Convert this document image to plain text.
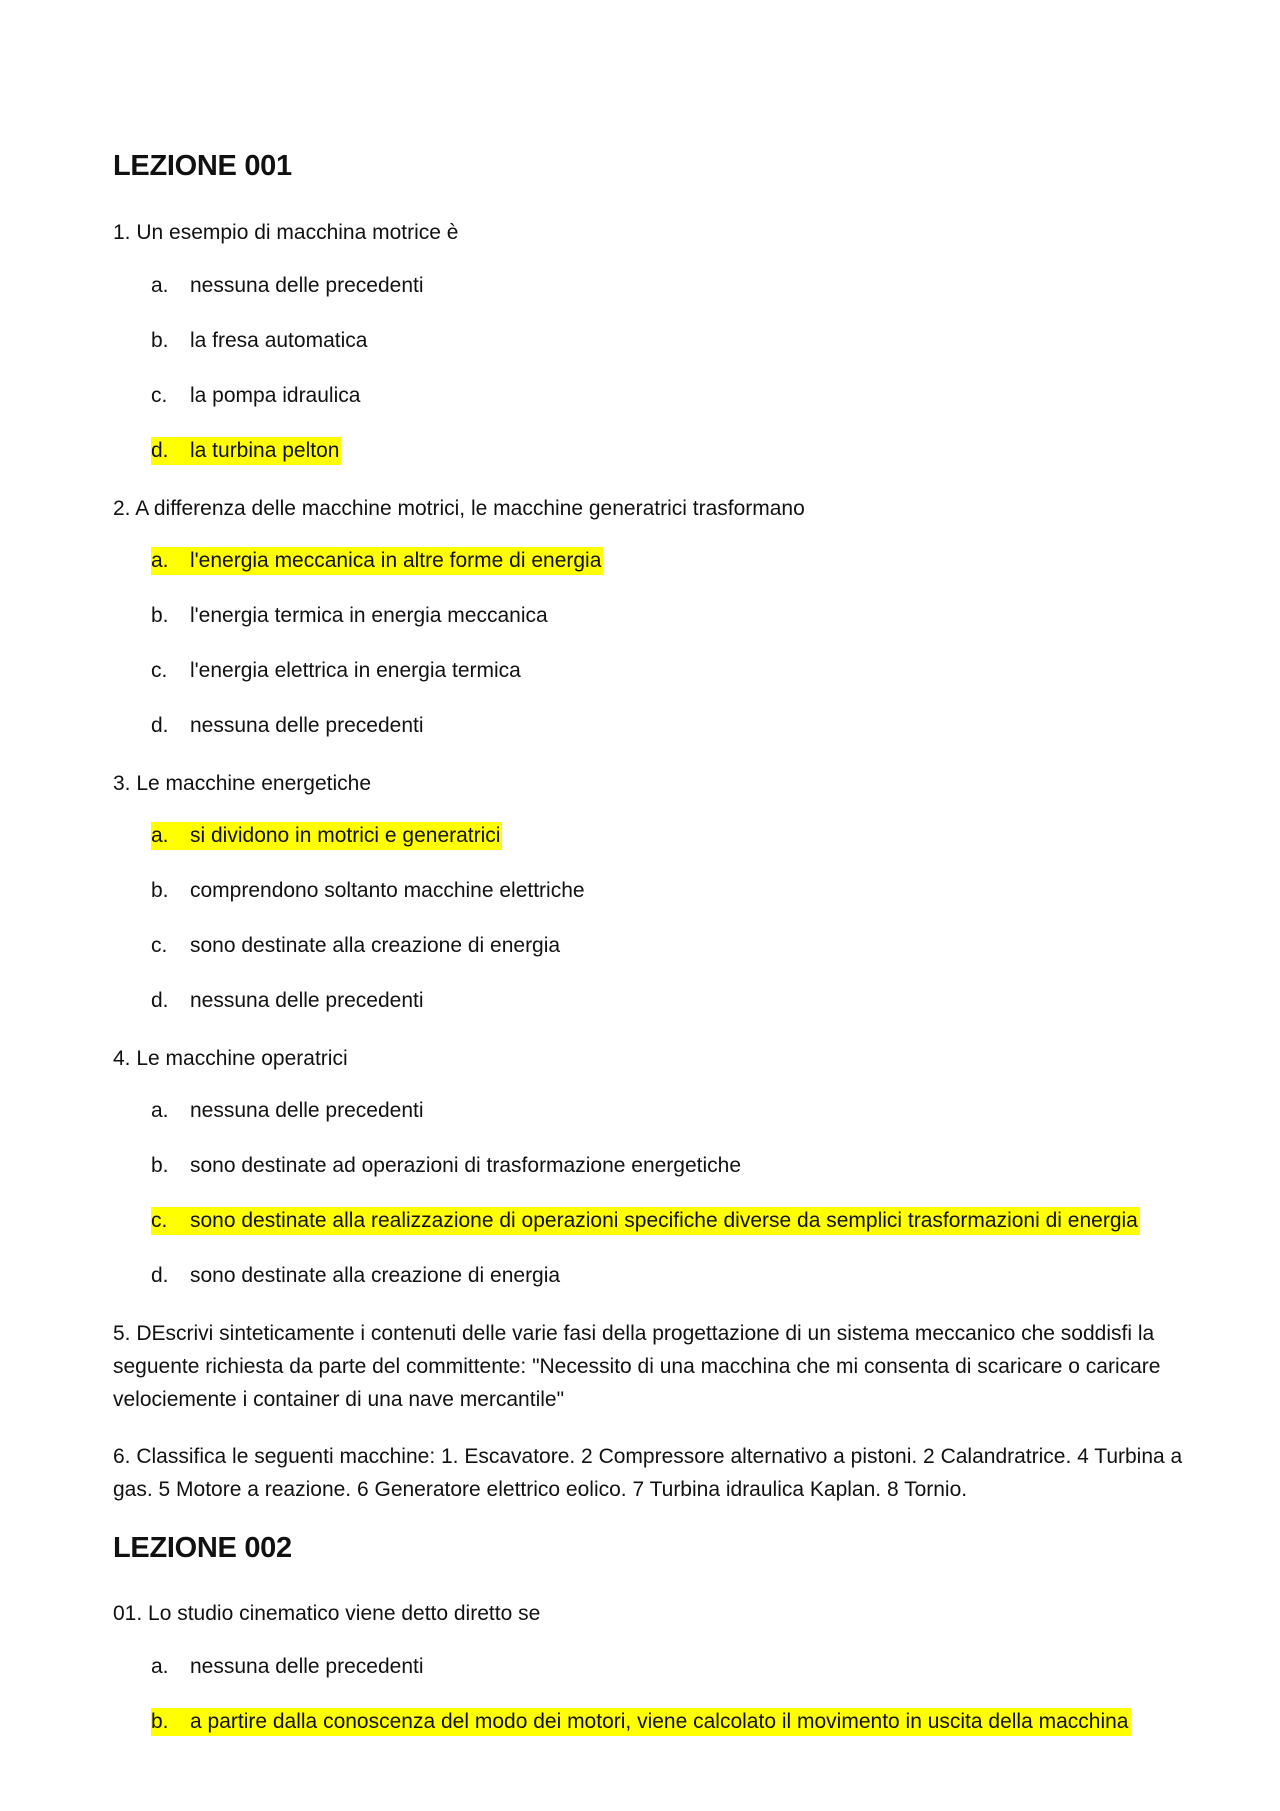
LEZIONE 001
1. Un esempio di macchina motrice è
a.	nessuna delle precedenti
b.	la fresa automatica
c.	la pompa idraulica
d.	la turbina pelton
2. A differenza delle macchine motrici, le macchine generatrici trasformano
a.	l'energia meccanica in altre forme di energia
b.	l'energia termica in energia meccanica
c.	l'energia elettrica in energia termica
d.	nessuna delle precedenti
3. Le macchine energetiche
a.	si dividono in motrici e generatrici
b.	comprendono soltanto macchine elettriche
c.	sono destinate alla creazione di energia
d.	nessuna delle precedenti
4. Le macchine operatrici
a.	nessuna delle precedenti
b.	sono destinate ad operazioni di trasformazione energetiche
c.	sono destinate alla realizzazione di operazioni specifiche diverse da semplici trasformazioni di energia
d.	sono destinate alla creazione di energia
5. DEscrivi sinteticamente i contenuti delle varie fasi della progettazione di un sistema meccanico che soddisfi la seguente richiesta da parte del committente: "Necessito di una macchina che mi consenta di scaricare o caricare velociemente i container di una nave mercantile"
6. Classifica le seguenti macchine: 1. Escavatore. 2 Compressore alternativo a pistoni. 2 Calandratrice. 4 Turbina a gas. 5 Motore a reazione. 6 Generatore elettrico eolico. 7 Turbina idraulica Kaplan. 8 Tornio.
LEZIONE 002
01. Lo studio cinematico viene detto diretto se
a.	nessuna delle precedenti
b.	a partire dalla conoscenza del modo dei motori, viene calcolato il movimento in uscita della macchina
